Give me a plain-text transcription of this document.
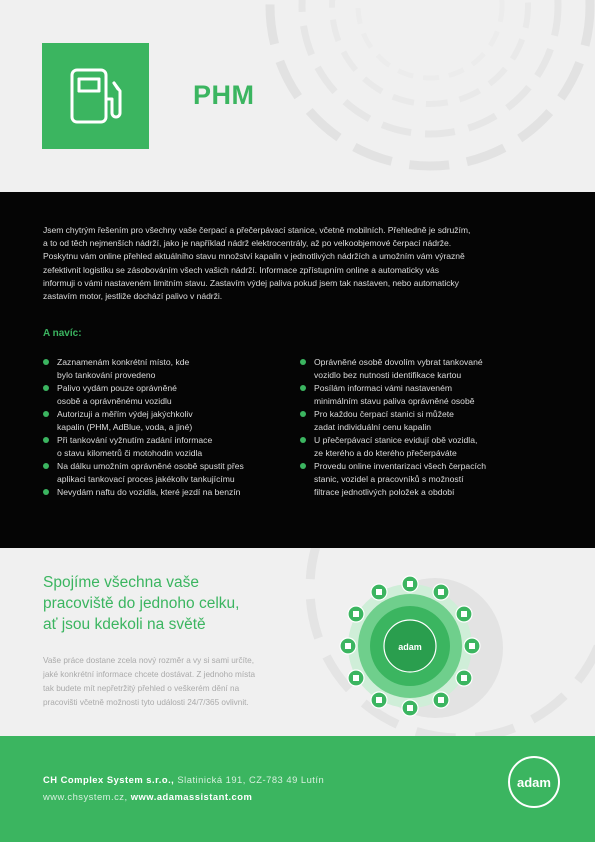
PHM

Jsem chytrým řešením pro všechny vaše čerpací a přečerpávací stanice, včetně mobilních. Přehledně je sdružím,

a to od těch nejmenších nádrží, jako je například nádrž elektrocentrály, až po velkoobjemové čerpací nádrže.

Poskytnu vám online přehled aktuálního stavu množství kapalin v jednotlivých nádržích a umožním vám výrazně

zefektivnit logistiku se zásobováním všech vašich nádrží. Informace zpřístupním online a automaticky vás

informuji o vámi nastaveném limitním stavu. Zastavím výdej paliva pokud jsem tak nastaven, nebo automaticky

zastavím motor, jestliže dochází palivo v nádrži.

A navíc:
Zaznamenám konkrétní místo, kde
bylo tankování provedeno
Palivo vydám pouze oprávněné
osobě a oprávněnému vozidlu
Autorizuji a měřím výdej jakýchkoliv
kapalin (PHM, AdBlue, voda, a jiné)
Při tankování vyžnutím zadání informace
o stavu kilometrů či motohodin vozidla
Na dálku umožním oprávněné osobě spustit přes
aplikaci tankovací proces jakékoliv tankujícímu
Nevydám naftu do vozidla, které jezdí na benzín
Oprávněné osobě dovolím vybrat tankované
vozidlo bez nutnosti identifikace kartou
Posílám informaci vámi nastaveném
minimálním stavu paliva oprávněné osobě
Pro každou čerpací stanici si můžete
zadat individuální cenu kapalin
U přečerpávací stanice evidují obě vozidla,
ze kterého a do kterého přečerpáváte
Provedu online inventarizaci všech čerpacích
stanic, vozidel a pracovníků s možností
filtrace jednotlivých položek a období
Spojíme všechna vaše
pracoviště do jednoho celku,
ať jsou kdekoli na světě
Vaše práce dostane zcela nový rozměr a vy si sami určíte,
jaké konkrétní informace chcete dostávat. Z jednoho místa
tak budete mít nepřetržitý přehled o veškerém dění na
pracovišti včetně možnosti tyto události 24/7/365 ovlivnit.
adam
CH Complex System s.r.o., Slatinická 191, CZ-783 49 Lutín
www.chsystem.cz, www.adamassistant.com
adam
